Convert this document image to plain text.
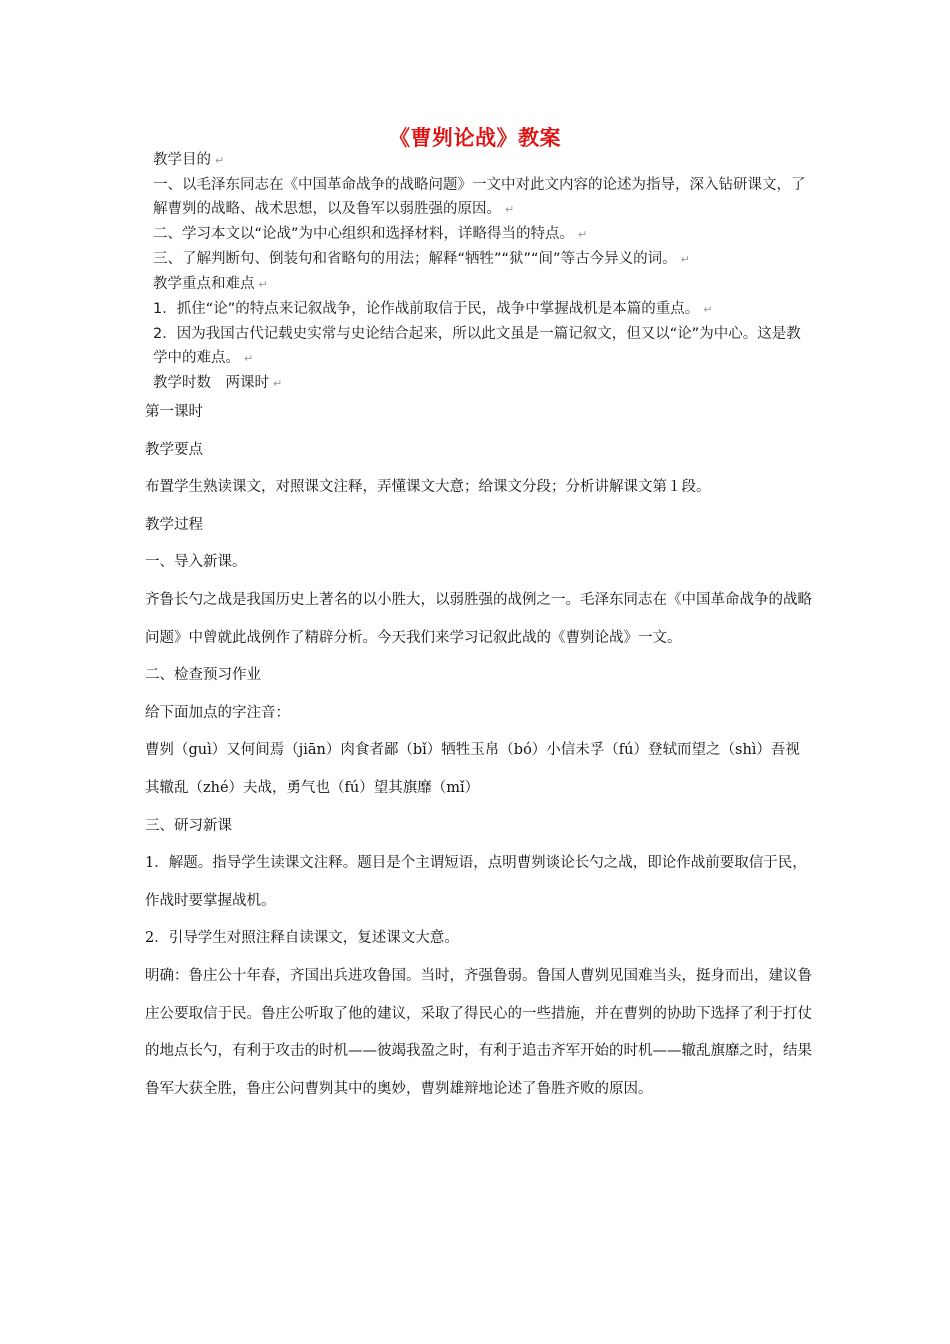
《曹刿论战》教案
教学目的 ↵
一、以毛泽东同志在《中国革命战争的战略问题》一文中对此文内容的论述为指导，深入钻研课文，了解曹刿的战略、战术思想，以及鲁军以弱胜强的原因。 ↵
二、学习本文以“论战”为中心组织和选择材料，详略得当的特点。 ↵
三、了解判断句、倒装句和省略句的用法；解释“牺牲”“狱”“间”等古今异义的词。 ↵
教学重点和难点 ↵
1．抓住“论”的特点来记叙战争，论作战前取信于民，战争中掌握战机是本篇的重点。 ↵
2．因为我国古代记载史实常与史论结合起来，所以此文虽是一篇记叙文，但又以“论”为中心。这是教学中的难点。 ↵
教学时数　两课时 ↵

第一课时

教学要点

布置学生熟读课文，对照课文注释，弄懂课文大意；给课文分段；分析讲解课文第１段。

教学过程

一、导入新课。

齐鲁长勺之战是我国历史上著名的以小胜大，以弱胜强的战例之一。毛泽东同志在《中国革命战争的战略问题》中曾就此战例作了精辟分析。今天我们来学习记叙此战的《曹刿论战》一文。

二、检查预习作业

给下面加点的字注音：

曹刿（guì）又何间焉（jiān）肉食者鄙（bǐ）牺牲玉帛（bó）小信未孚（fú）登轼而望之（shì）吾视其辙乱（zhé）夫战，勇气也（fú）望其旗靡（mǐ）

三、研习新课

1．解题。指导学生读课文注释。题目是个主谓短语，点明曹刿谈论长勺之战，即论作战前要取信于民，作战时要掌握战机。

2．引导学生对照注释自读课文，复述课文大意。

明确：鲁庄公十年春，齐国出兵进攻鲁国。当时，齐强鲁弱。鲁国人曹刿见国难当头，挺身而出，建议鲁庄公要取信于民。鲁庄公听取了他的建议，采取了得民心的一些措施，并在曹刿的协助下选择了利于打仗的地点长勺，有利于攻击的时机——彼竭我盈之时，有利于追击齐军开始的时机——辙乱旗靡之时，结果鲁军大获全胜，鲁庄公问曹刿其中的奥妙，曹刿雄辩地论述了鲁胜齐败的原因。
